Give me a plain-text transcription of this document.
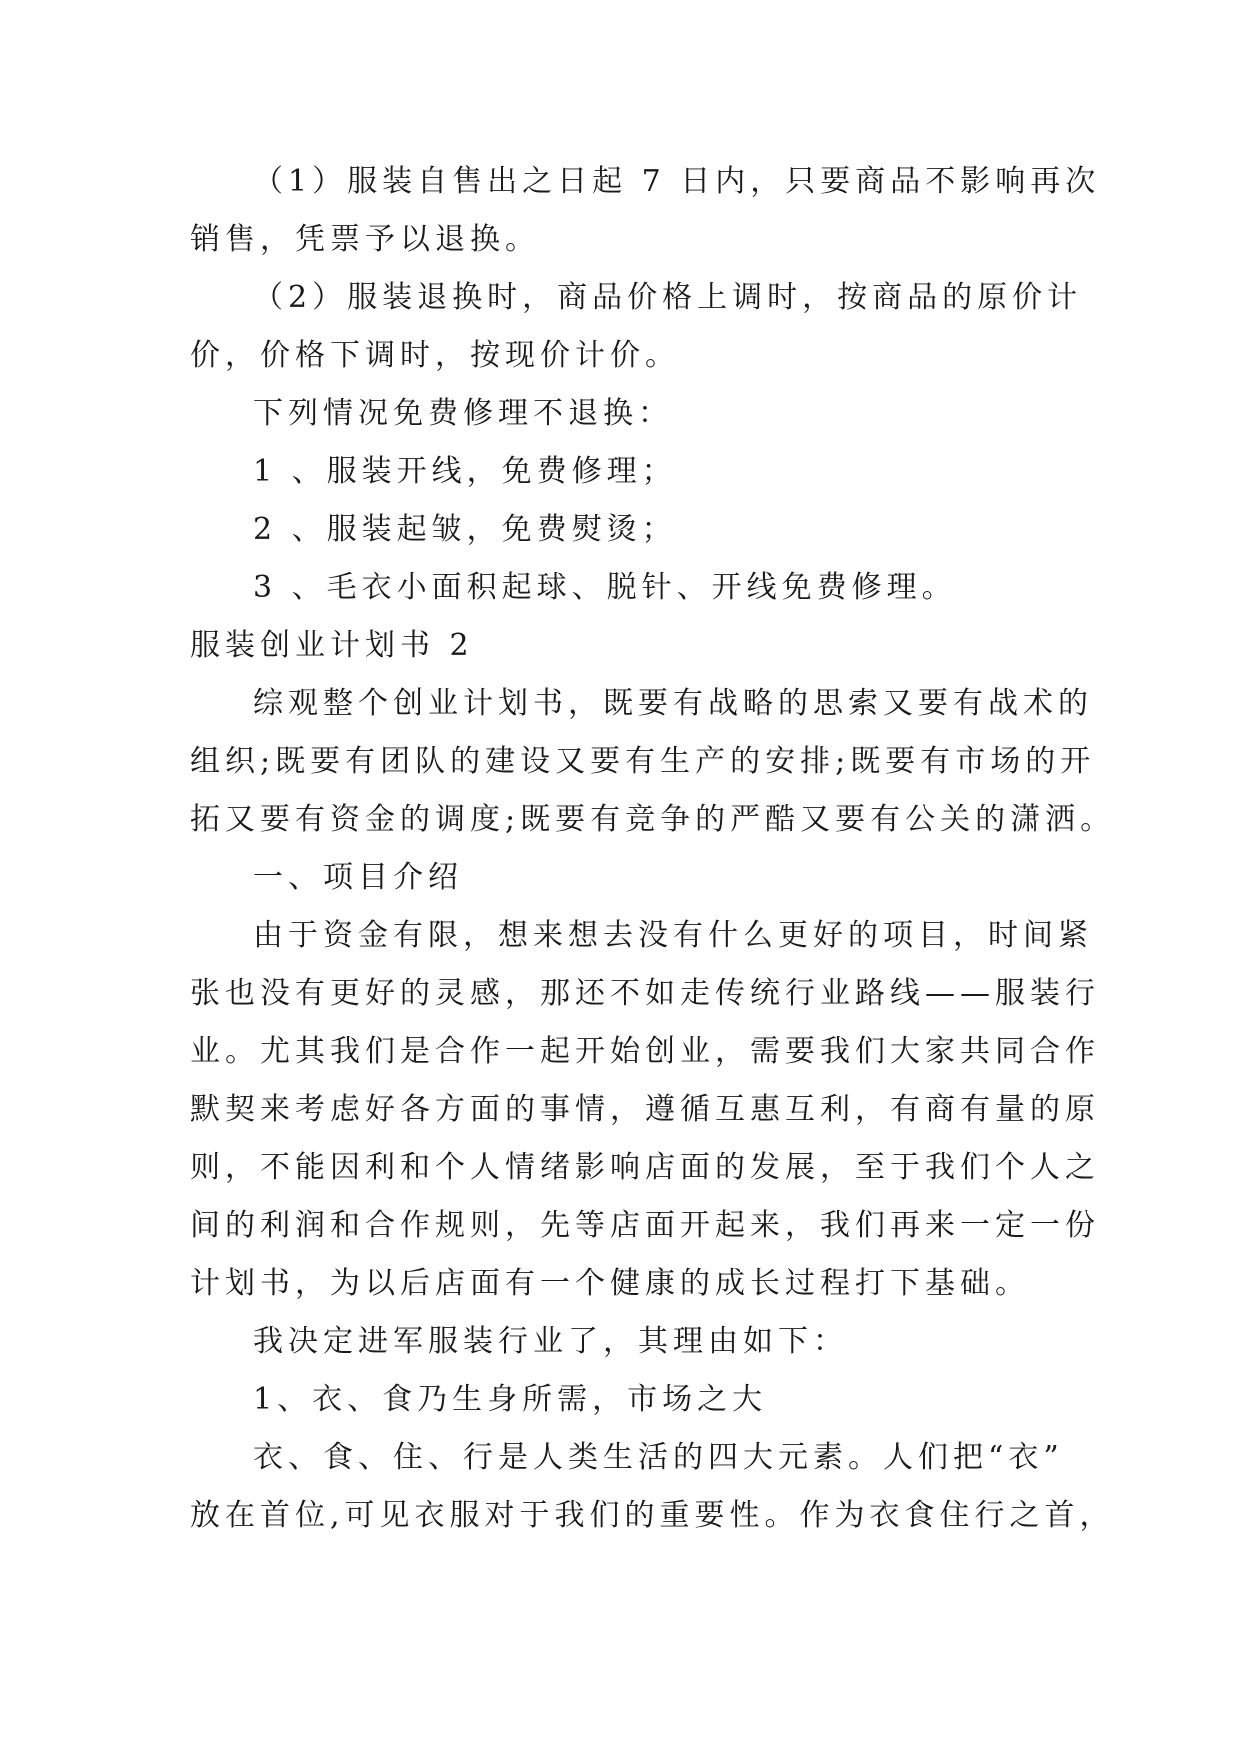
（1）服装自售出之日起 7 日内，只要商品不影响再次
销售，凭票予以退换。
（2）服装退换时，商品价格上调时，按商品的原价计
价，价格下调时，按现价计价。
下列情况免费修理不退换：
1 、服装开线，免费修理；
2 、服装起皱，免费熨烫；
3 、毛衣小面积起球、脱针、开线免费修理。
服装创业计划书 2
综观整个创业计划书，既要有战略的思索又要有战术的
组织;既要有团队的建设又要有生产的安排;既要有市场的开
拓又要有资金的调度;既要有竞争的严酷又要有公关的潇洒。
一、项目介绍
由于资金有限，想来想去没有什么更好的项目，时间紧
张也没有更好的灵感，那还不如走传统行业路线——服装行
业。尤其我们是合作一起开始创业，需要我们大家共同合作
默契来考虑好各方面的事情，遵循互惠互利，有商有量的原
则，不能因利和个人情绪影响店面的发展，至于我们个人之
间的利润和合作规则，先等店面开起来，我们再来一定一份
计划书，为以后店面有一个健康的成长过程打下基础。
我决定进军服装行业了，其理由如下：
1、衣、食乃生身所需，市场之大
衣、食、住、行是人类生活的四大元素。人们把“衣”
放在首位,可见衣服对于我们的重要性。作为衣食住行之首，
